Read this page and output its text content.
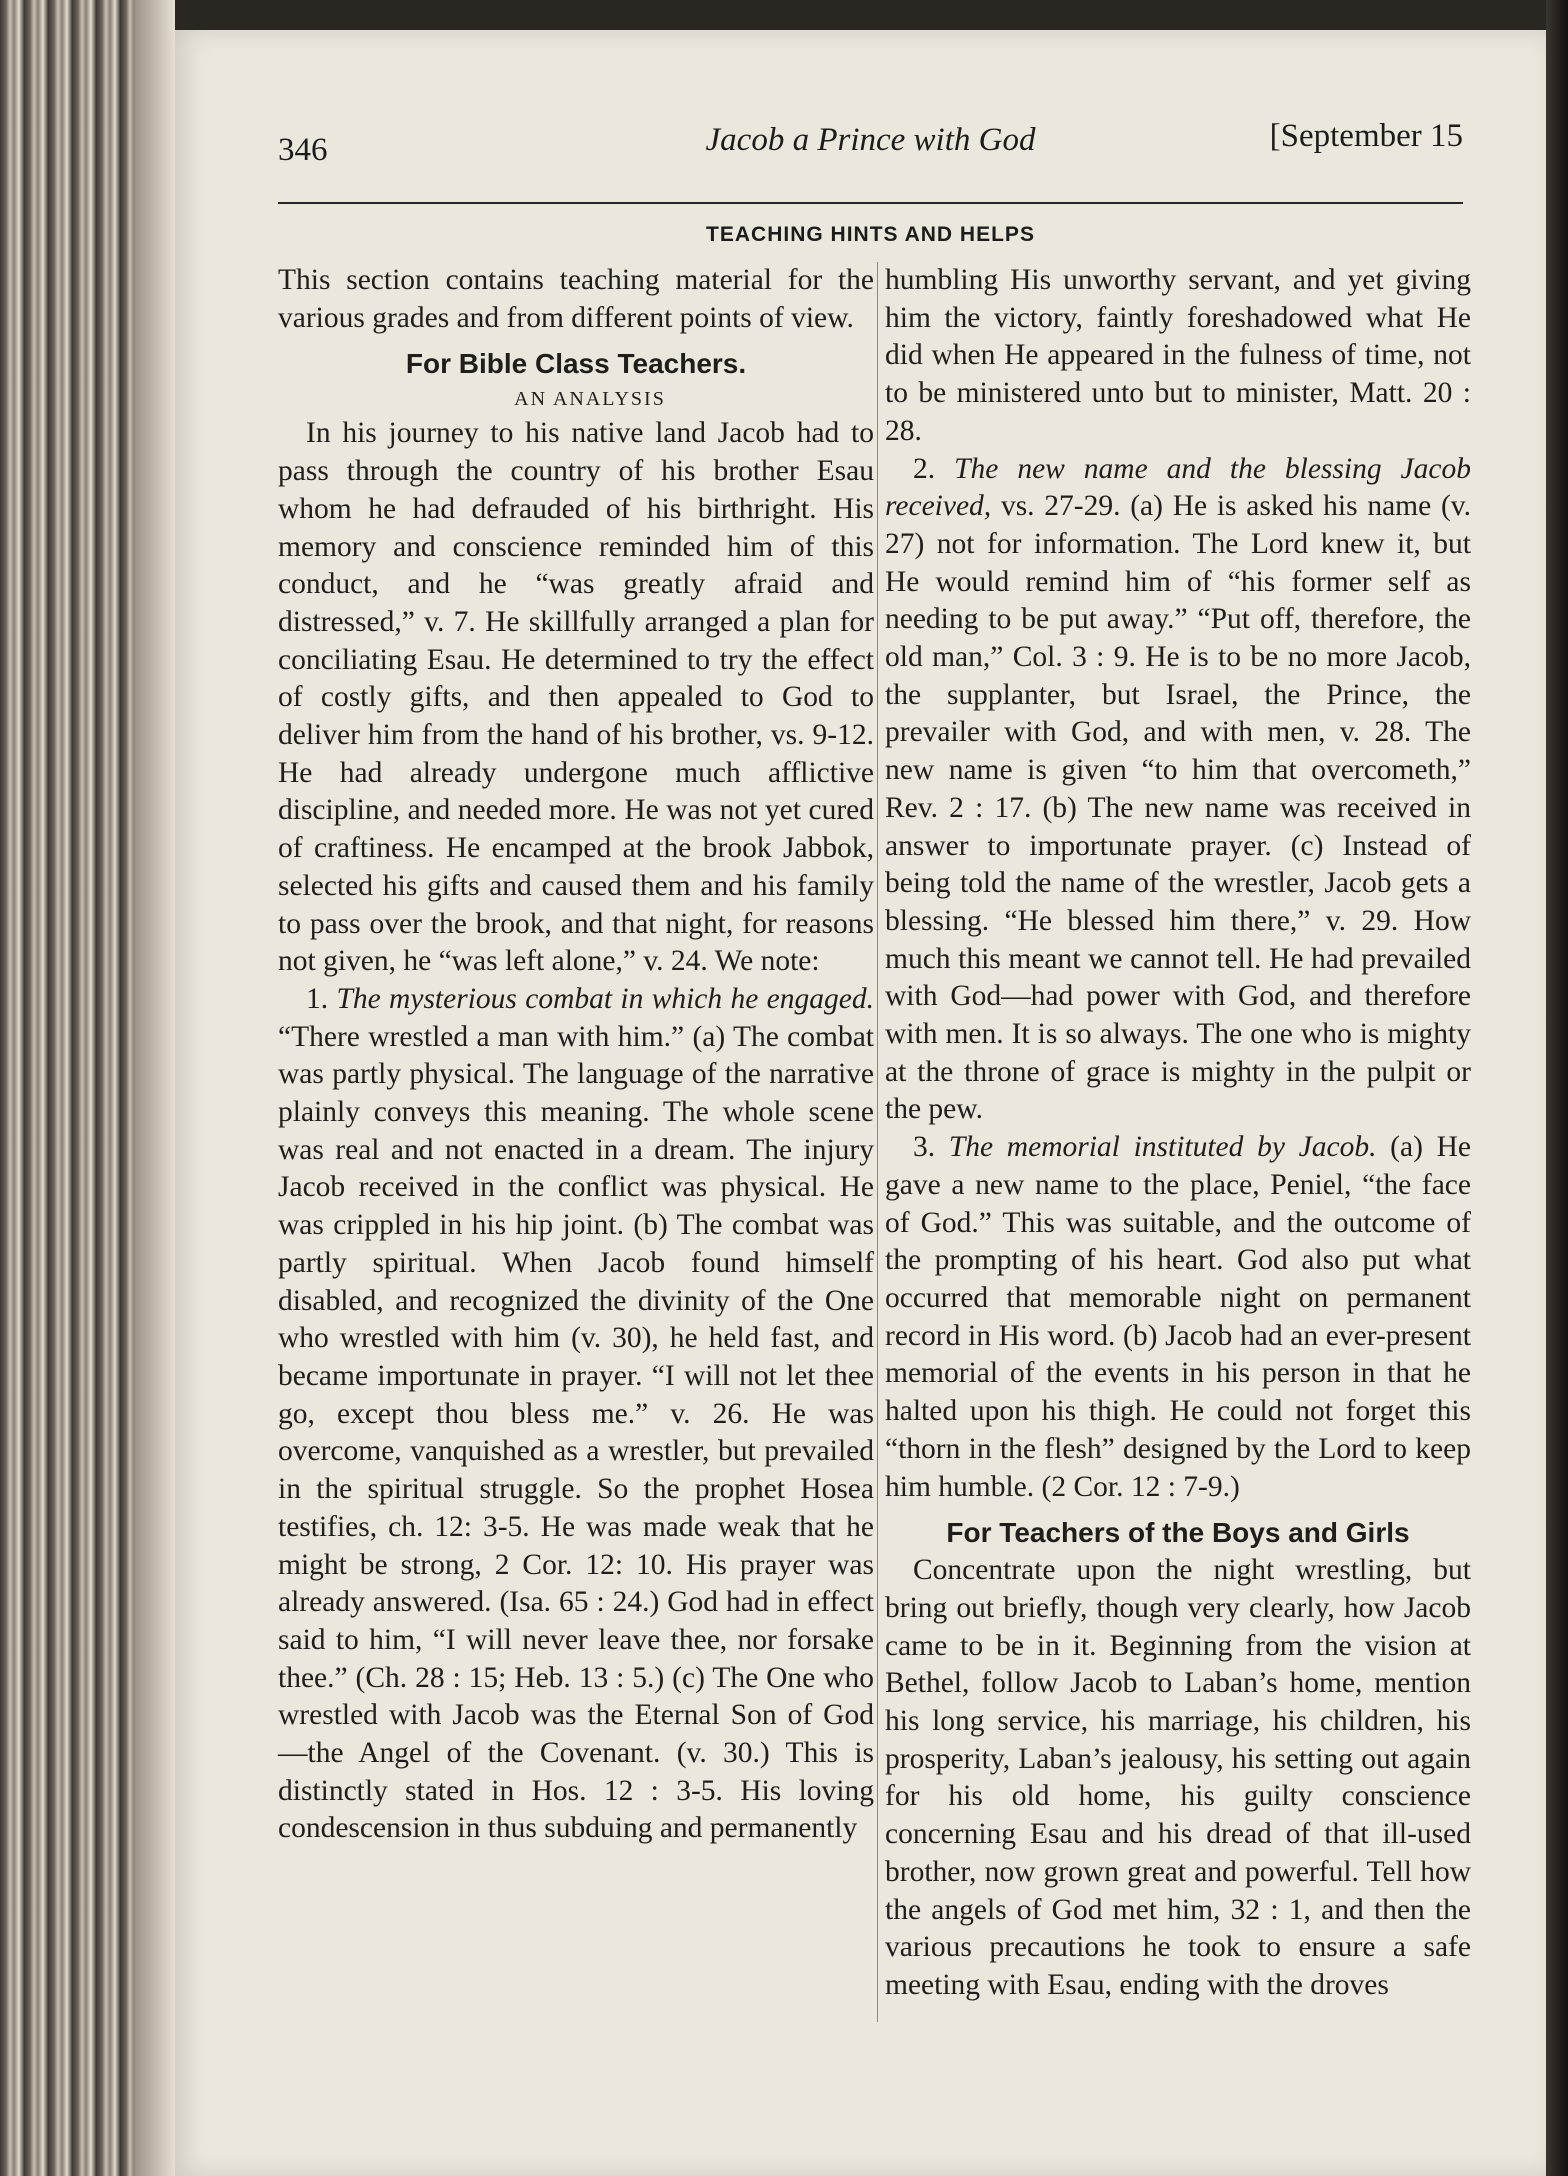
346	Jacob a Prince with God	[September 15
TEACHING HINTS AND HELPS

This section contains teaching material for the various grades and from different points of view.

For Bible Class Teachers.

AN ANALYSIS

In his journey to his native land Jacob had to pass through the country of his brother Esau whom he had defrauded of his birthright. His memory and conscience reminded him of this conduct, and he “was greatly afraid and distressed,” v. 7. He skillfully arranged a plan for conciliating Esau. He determined to try the effect of costly gifts, and then appealed to God to deliver him from the hand of his brother, vs. 9-12. He had already undergone much afflictive discipline, and needed more. He was not yet cured of craftiness. He encamped at the brook Jabbok, selected his gifts and caused them and his family to pass over the brook, and that night, for reasons not given, he “was left alone,” v. 24. We note:

1. The mysterious combat in which he engaged. “There wrestled a man with him.” (a) The combat was partly physical. The language of the narrative plainly conveys this meaning. The whole scene was real and not enacted in a dream. The injury Jacob received in the conflict was physical. He was crippled in his hip joint. (b) The combat was partly spiritual. When Jacob found himself disabled, and recognized the divinity of the One who wrestled with him (v. 30), he held fast, and became importunate in prayer. “I will not let thee go, except thou bless me.” v. 26. He was overcome, vanquished as a wrestler, but prevailed in the spiritual struggle. So the prophet Hosea testifies, ch. 12: 3-5. He was made weak that he might be strong, 2 Cor. 12: 10. His prayer was already answered. (Isa. 65 : 24.) God had in effect said to him, “I will never leave thee, nor forsake thee.” (Ch. 28 : 15; Heb. 13 : 5.) (c) The One who wrestled with Jacob was the Eternal Son of God—the Angel of the Covenant. (v. 30.) This is distinctly stated in Hos. 12 : 3-5. His loving condescension in thus subduing and permanently

humbling His unworthy servant, and yet giving him the victory, faintly foreshadowed what He did when He appeared in the fulness of time, not to be ministered unto but to minister, Matt. 20 : 28.

2. The new name and the blessing Jacob received, vs. 27-29. (a) He is asked his name (v. 27) not for information. The Lord knew it, but He would remind him of “his former self as needing to be put away.” “Put off, therefore, the old man,” Col. 3 : 9. He is to be no more Jacob, the supplanter, but Israel, the Prince, the prevailer with God, and with men, v. 28. The new name is given “to him that overcometh,” Rev. 2 : 17. (b) The new name was received in answer to importunate prayer. (c) Instead of being told the name of the wrestler, Jacob gets a blessing. “He blessed him there,” v. 29. How much this meant we cannot tell. He had prevailed with God—had power with God, and therefore with men. It is so always. The one who is mighty at the throne of grace is mighty in the pulpit or the pew.

3. The memorial instituted by Jacob. (a) He gave a new name to the place, Peniel, “the face of God.” This was suitable, and the outcome of the prompting of his heart. God also put what occurred that memorable night on permanent record in His word. (b) Jacob had an ever-present memorial of the events in his person in that he halted upon his thigh. He could not forget this “thorn in the flesh” designed by the Lord to keep him humble. (2 Cor. 12 : 7-9.)

For Teachers of the Boys and Girls

Concentrate upon the night wrestling, but bring out briefly, though very clearly, how Jacob came to be in it. Beginning from the vision at Bethel, follow Jacob to Laban’s home, mention his long service, his marriage, his children, his prosperity, Laban’s jealousy, his setting out again for his old home, his guilty conscience concerning Esau and his dread of that ill-used brother, now grown great and powerful. Tell how the angels of God met him, 32 : 1, and then the various precautions he took to ensure a safe meeting with Esau, ending with the droves
